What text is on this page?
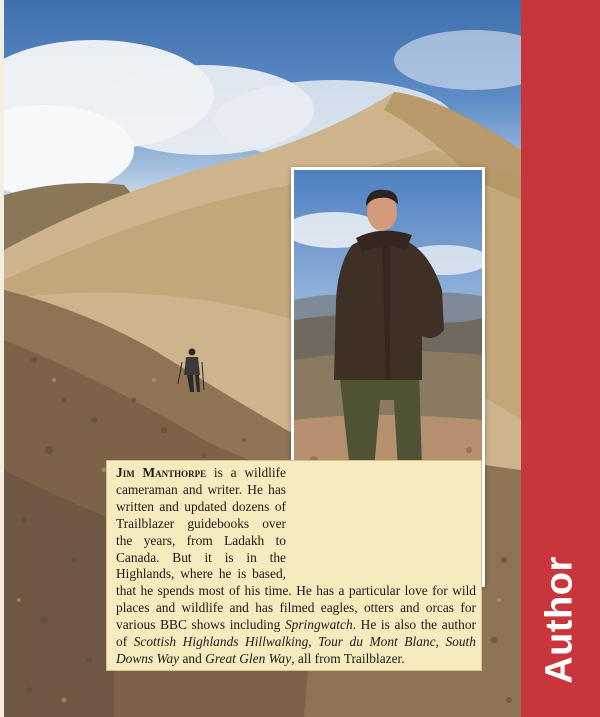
Jim Manthorpe is a wildlife cameraman and writer. He has written and updated dozens of Trailblazer guidebooks over the years, from Ladakh to Canada. But it is in the Highlands, where he is based, that he spends most of his time. He has a particular love for wild places and wildlife and has filmed eagles, otters and orcas for various BBC shows including Springwatch. He is also the author of Scottish Highlands Hillwalking, Tour du Mont Blanc, South Downs Way and Great Glen Way, all from Trailblazer.	Author
